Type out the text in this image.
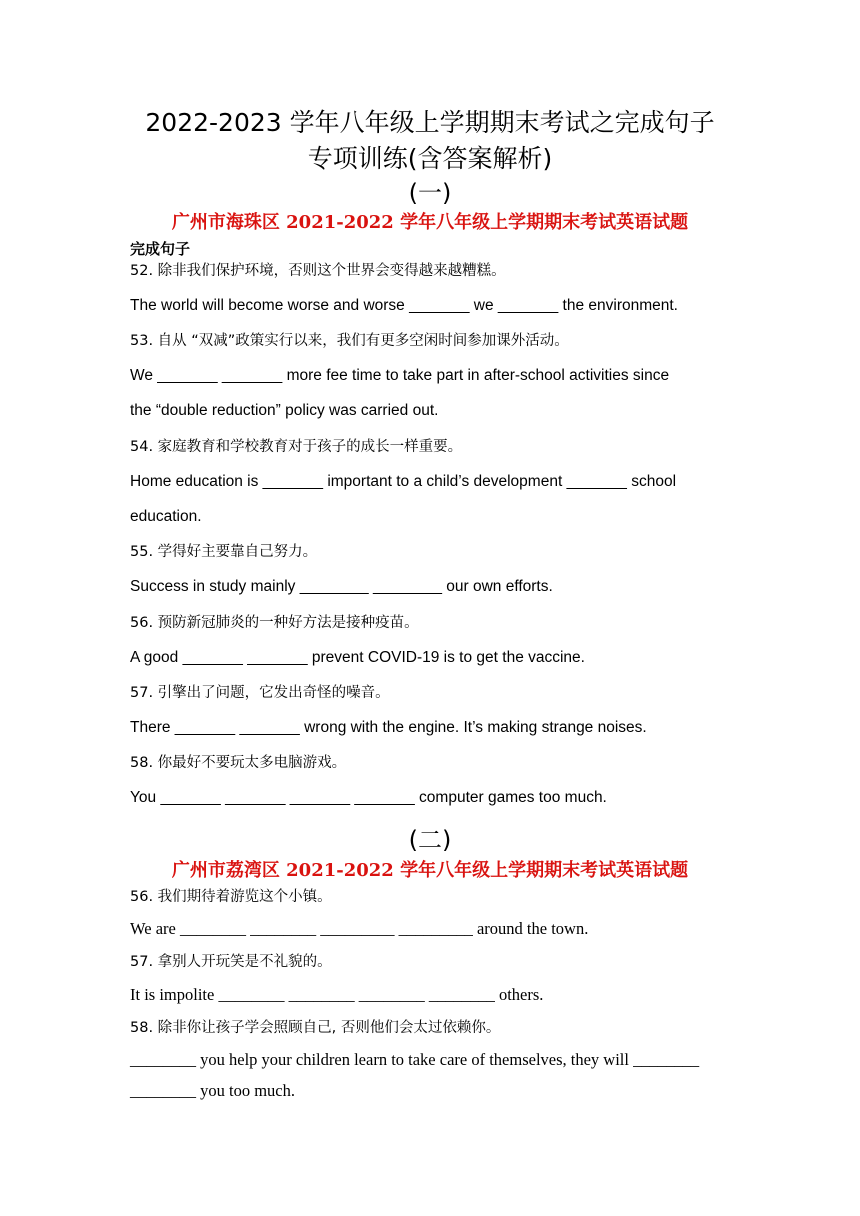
2022-2023 学年八年级上学期期末考试之完成句子
专项训练(含答案解析)
(一)
广州市海珠区 2021-2022 学年八年级上学期期末考试英语试题
完成句子
52. 除非我们保护环境，否则这个世界会变得越来越糟糕。
The world will become worse and worse _______ we _______ the environment.
53. 自从 “双减”政策实行以来，我们有更多空闲时间参加课外活动。
We _______ _______ more fee time to take part in after-school activities since
the “double reduction” policy was carried out.
54. 家庭教育和学校教育对于孩子的成长一样重要。
Home education is _______ important to a child’s development _______ school
education.
55. 学得好主要靠自己努力。
Success in study mainly ________ ________ our own efforts.
56. 预防新冠肺炎的一种好方法是接种疫苗。
A good _______ _______ prevent COVID-19 is to get the vaccine.
57. 引擎出了问题，它发出奇怪的噪音。
There _______ _______ wrong with the engine. It’s making strange noises.
58. 你最好不要玩太多电脑游戏。
You _______ _______ _______ _______ computer games too much.
(二)
广州市荔湾区 2021-2022 学年八年级上学期期末考试英语试题
56. 我们期待着游览这个小镇。
We are ________ ________ _________ _________ around the town.
57. 拿别人开玩笑是不礼貌的。
It is impolite ________ ________ ________ ________ others.
58. 除非你让孩子学会照顾自己, 否则他们会太过依赖你。
________ you help your children learn to take care of themselves, they will ________
________ you too much.
